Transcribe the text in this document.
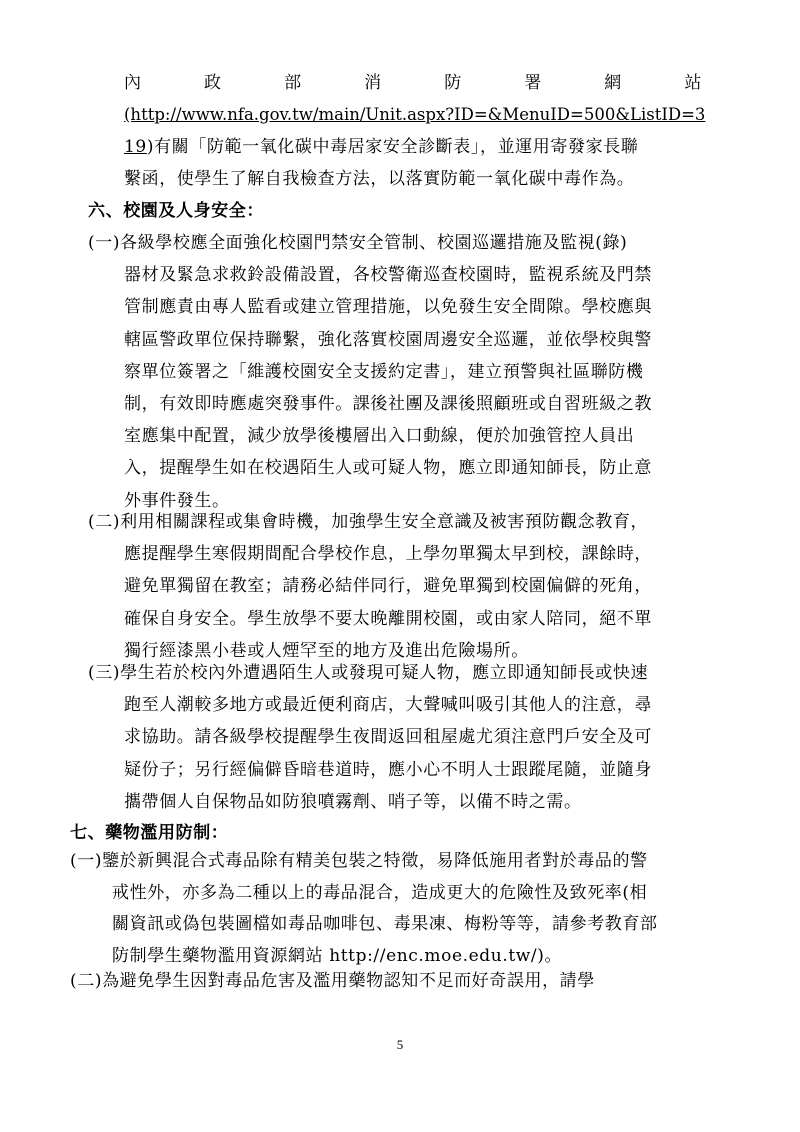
內	政	部	消	防	署	網	站
(http://www.nfa.gov.tw/main/Unit.aspx?ID=&MenuID=500&ListID=3
19)有關「防範一氧化碳中毒居家安全診斷表」，並運用寄發家長聯
繫函，使學生了解自我檢查方法，以落實防範一氧化碳中毒作為。
六、校園及人身安全：
(一)各級學校應全面強化校園門禁安全管制、校園巡邏措施及監視(錄)
器材及緊急求救鈴設備設置，各校警衛巡查校園時，監視系統及門禁
管制應責由專人監看或建立管理措施，以免發生安全間隙。學校應與
轄區警政單位保持聯繫，強化落實校園周邊安全巡邏，並依學校與警
察單位簽署之「維護校園安全支援約定書」，建立預警與社區聯防機
制，有效即時應處突發事件。課後社團及課後照顧班或自習班級之教
室應集中配置，減少放學後樓層出入口動線，便於加強管控人員出
入，提醒學生如在校遇陌生人或可疑人物，應立即通知師長，防止意
外事件發生。
(二)利用相關課程或集會時機，加強學生安全意識及被害預防觀念教育，
應提醒學生寒假期間配合學校作息，上學勿單獨太早到校，課餘時，
避免單獨留在教室；請務必結伴同行，避免單獨到校園偏僻的死角，
確保自身安全。學生放學不要太晚離開校園，或由家人陪同，絕不單
獨行經漆黑小巷或人煙罕至的地方及進出危險場所。
(三)學生若於校內外遭遇陌生人或發現可疑人物，應立即通知師長或快速
跑至人潮較多地方或最近便利商店，大聲喊叫吸引其他人的注意，尋
求協助。請各級學校提醒學生夜間返回租屋處尤須注意門戶安全及可
疑份子；另行經偏僻昏暗巷道時，應小心不明人士跟蹤尾隨，並隨身
攜帶個人自保物品如防狼噴霧劑、哨子等，以備不時之需。
七、藥物濫用防制：
(一)鑒於新興混合式毒品除有精美包裝之特徵，易降低施用者對於毒品的警
戒性外，亦多為二種以上的毒品混合，造成更大的危險性及致死率(相
關資訊或偽包裝圖檔如毒品咖啡包、毒果凍、梅粉等等，請參考教育部
防制學生藥物濫用資源網站 http://enc.moe.edu.tw/)。
(二)為避免學生因對毒品危害及濫用藥物認知不足而好奇誤用，請學
5
